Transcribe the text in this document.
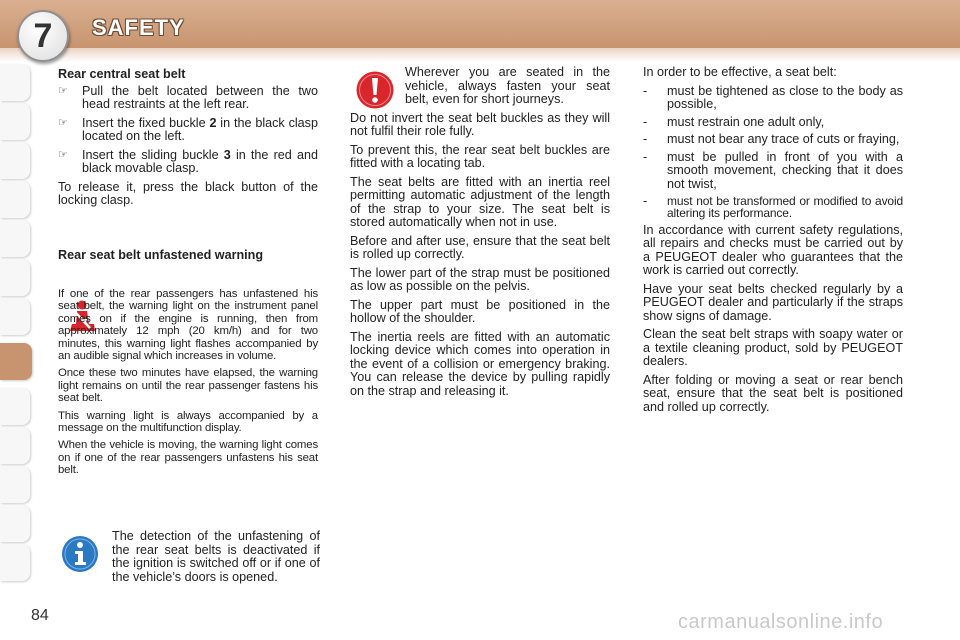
7	SAFETY
Rear central seat belt
☞	Pull the belt located between the two head restraints at the left rear.
☞	Insert the fixed buckle 2 in the black clasp located on the left.
☞	Insert the sliding buckle 3 in the red and black movable clasp.

To release it, press the black button of the locking clasp.

Rear seat belt unfastened warning

If one of the rear passengers has unfastened his seat belt, the warning light on the instrument panel comes on if the engine is running, then from approximately 12 mph (20 km/h) and for two minutes, this warning light flashes accompanied by an audible signal which increases in volume.

Once these two minutes have elapsed, the warning light remains on until the rear passenger fastens his seat belt.

This warning light is always accompanied by a message on the multifunction display.

When the vehicle is moving, the warning light comes on if one of the rear passengers unfastens his seat belt.

The detection of the unfastening of the rear seat belts is deactivated if the ignition is switched off or if one of the vehicle’s doors is opened.

Wherever you are seated in the vehicle, always fasten your seat belt, even for short journeys.

Do not invert the seat belt buckles as they will not fulfil their role fully.

To prevent this, the rear seat belt buckles are fitted with a locating tab.

The seat belts are fitted with an inertia reel permitting automatic adjustment of the length of the strap to your size. The seat belt is stored automatically when not in use.

Before and after use, ensure that the seat belt is rolled up correctly.

The lower part of the strap must be positioned as low as possible on the pelvis.

The upper part must be positioned in the hollow of the shoulder.

The inertia reels are fitted with an automatic locking device which comes into operation in the event of a collision or emergency braking. You can release the device by pulling rapidly on the strap and releasing it.

In order to be effective, a seat belt:

-	must be tightened as close to the body as possible,
-	must restrain one adult only,
-	must not bear any trace of cuts or fraying,
-	must be pulled in front of you with a smooth movement, checking that it does not twist,
-	must not be transformed or modified to avoid altering its performance.

In accordance with current safety regulations, all repairs and checks must be carried out by a PEUGEOT dealer who guarantees that the work is carried out correctly.

Have your seat belts checked regularly by a PEUGEOT dealer and particularly if the straps show signs of damage.

Clean the seat belt straps with soapy water or a textile cleaning product, sold by PEUGEOT dealers.

After folding or moving a seat or rear bench seat, ensure that the seat belt is positioned and rolled up correctly.

84	carmanualsonline.info
